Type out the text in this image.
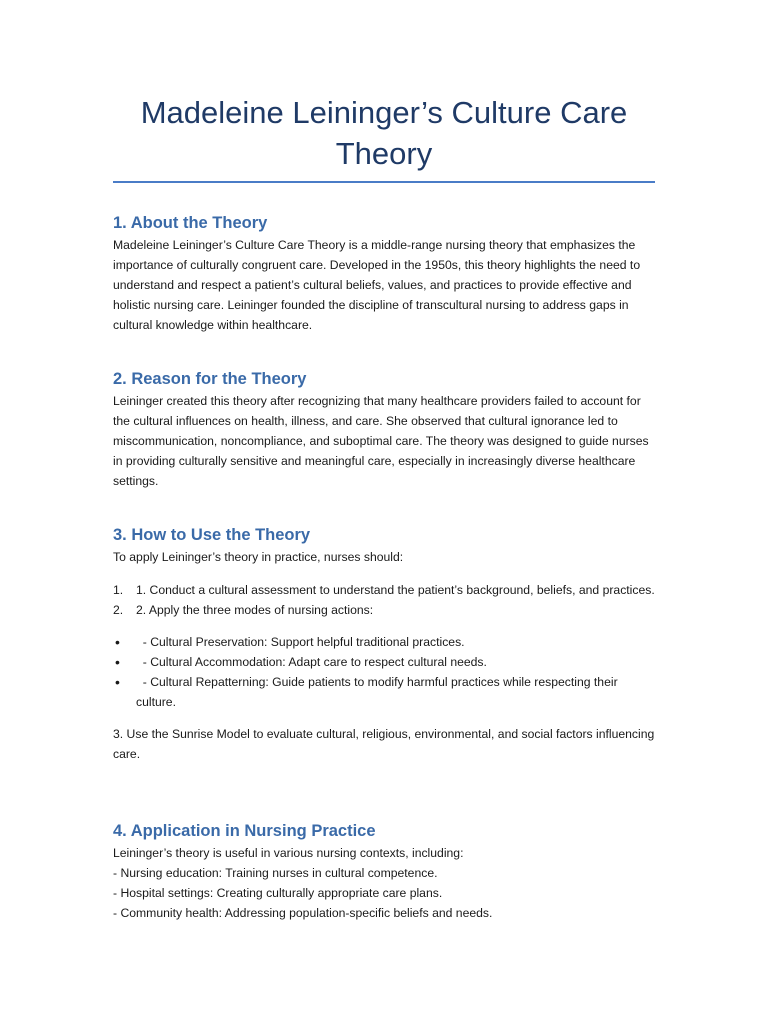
Madeleine Leininger’s Culture Care Theory
1. About the Theory

Madeleine Leininger’s Culture Care Theory is a middle-range nursing theory that emphasizes the importance of culturally congruent care. Developed in the 1950s, this theory highlights the need to understand and respect a patient’s cultural beliefs, values, and practices to provide effective and holistic nursing care. Leininger founded the discipline of transcultural nursing to address gaps in cultural knowledge within healthcare.

2. Reason for the Theory

Leininger created this theory after recognizing that many healthcare providers failed to account for the cultural influences on health, illness, and care. She observed that cultural ignorance led to miscommunication, noncompliance, and suboptimal care. The theory was designed to guide nurses in providing culturally sensitive and meaningful care, especially in increasingly diverse healthcare settings.

3. How to Use the Theory

To apply Leininger’s theory in practice, nurses should:

1. 1. Conduct a cultural assessment to understand the patient’s background, beliefs, and practices.
2. 2. Apply the three modes of nursing actions:
• - Cultural Preservation: Support helpful traditional practices.
• - Cultural Accommodation: Adapt care to respect cultural needs.
• - Cultural Repatterning: Guide patients to modify harmful practices while respecting their culture.

3. Use the Sunrise Model to evaluate cultural, religious, environmental, and social factors influencing care.

4. Application in Nursing Practice

Leininger’s theory is useful in various nursing contexts, including:

- Nursing education: Training nurses in cultural competence.

- Hospital settings: Creating culturally appropriate care plans.

- Community health: Addressing population-specific beliefs and needs.
